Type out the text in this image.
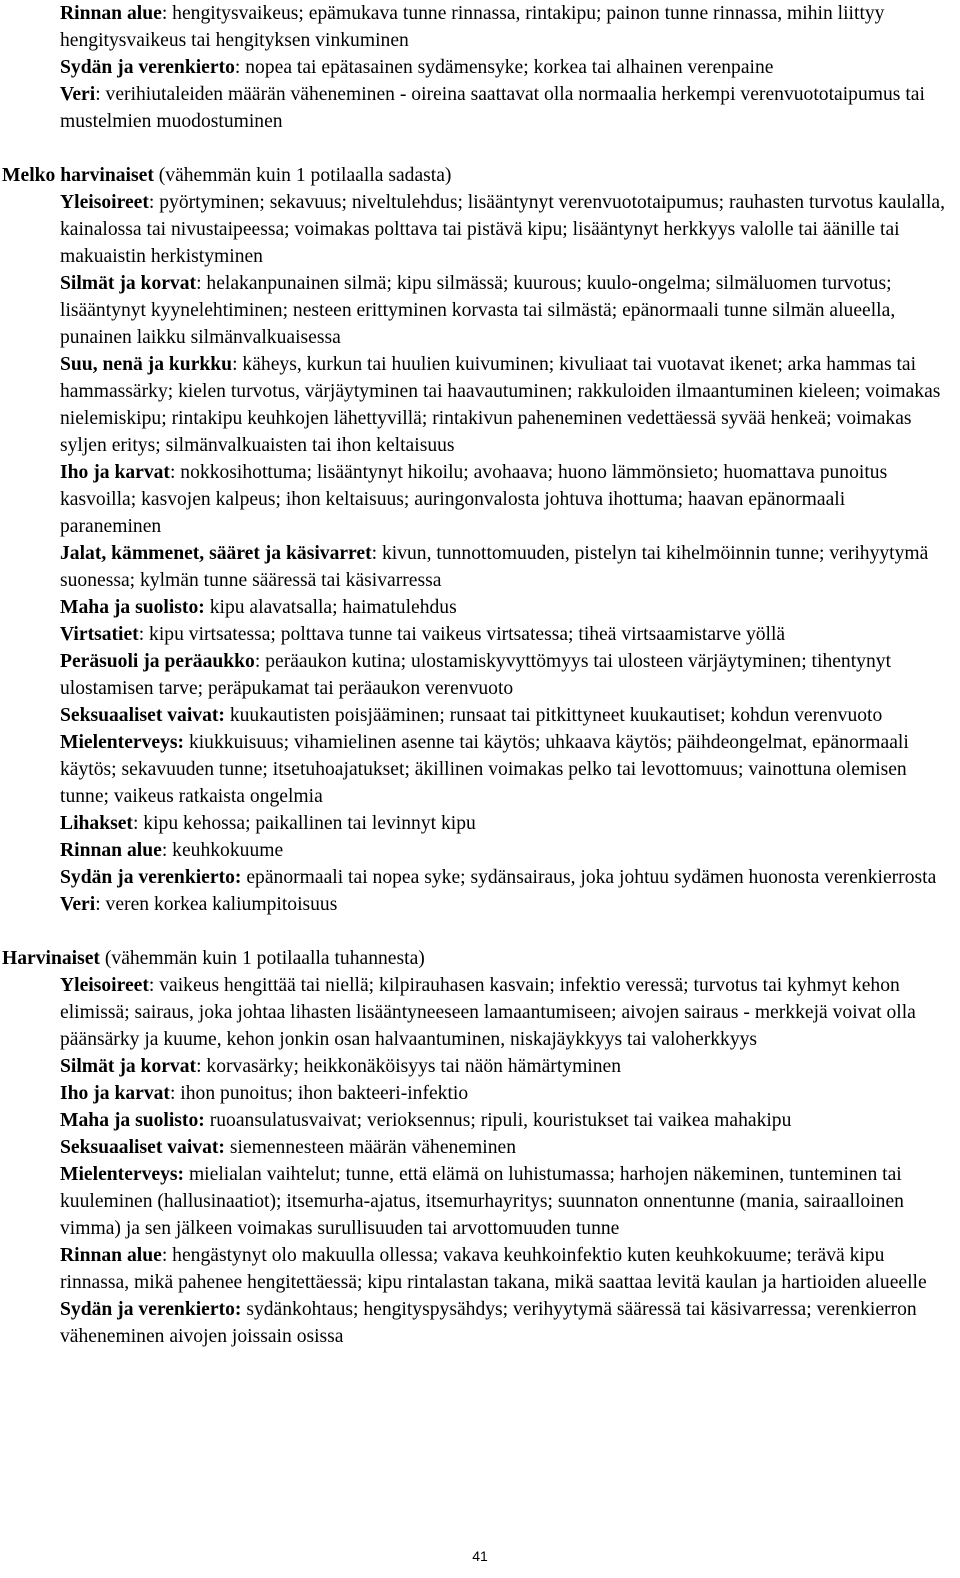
Rinnan alue: hengitysvaikeus; epämukava tunne rinnassa, rintakipu; painon tunne rinnassa, mihin liittyy hengitysvaikeus tai hengityksen vinkuminen
Sydän ja verenkierto: nopea tai epätasainen sydämensyke; korkea tai alhainen verenpaine
Veri: verihiutaleiden määrän väheneminen - oireina saattavat olla normaalia herkempi verenvuototaipumus tai mustelmien muodostuminen
Melko harvinaiset (vähemmän kuin 1 potilaalla sadasta)
Yleisoireet: pyörtyminen; sekavuus; niveltulehdus; lisääntynyt verenvuototaipumus; rauhasten turvotus kaulalla, kainalossa tai nivustaipeessa; voimakas polttava tai pistävä kipu; lisääntynyt herkkyys valolle tai äänille tai makuaistin herkistyminen
Silmät ja korvat: helakanpunainen silmä; kipu silmässä; kuurous; kuulo-ongelma; silmäluomen turvotus; lisääntynyt kyynelehtiminen; nesteen erittyminen korvasta tai silmästä; epänormaali tunne silmän alueella, punainen laikku silmänvalkuaisessa
Suu, nenä ja kurkku: käheys, kurkun tai huulien kuivuminen; kivuliaat tai vuotavat ikenet; arka hammas tai hammassärky; kielen turvotus, värjäytyminen tai haavautuminen; rakkuloiden ilmaantuminen kieleen; voimakas nielemiskipu; rintakipu keuhkojen lähettyvillä; rintakivun paheneminen vedettäessä syvää henkeä; voimakas syljen eritys; silmänvalkuaisten tai ihon keltaisuus
Iho ja karvat: nokkosihottuma; lisääntynyt hikoilu; avohaava; huono lämmönsieto; huomattava punoitus kasvoilla; kasvojen kalpeus; ihon keltaisuus; auringonvalosta johtuva ihottuma; haavan epänormaali paraneminen
Jalat, kämmenet, sääret ja käsivarret: kivun, tunnottomuuden, pistelyn tai kihelmöinnin tunne; verihyytymä suonessa; kylmän tunne sääressä tai käsivarressa
Maha ja suolisto: kipu alavatsalla; haimatulehdus
Virtsatiet: kipu virtsatessa; polttava tunne tai vaikeus virtsatessa; tiheä virtsaamistarve yöllä
Peräsuoli ja peräaukko: peräaukon kutina; ulostamiskyvyttömyys tai ulosteen värjäytyminen; tihentynyt ulostamisen tarve; peräpukamat tai peräaukon verenvuoto
Seksuaaliset vaivat: kuukautisten poisjääminen; runsaat tai pitkittyneet kuukautiset; kohdun verenvuoto
Mielenterveys: kiukkuisuus; vihamielinen asenne tai käytös; uhkaava käytös; päihdeongelmat, epänormaali käytös; sekavuuden tunne; itsetuhoajatukset; äkillinen voimakas pelko tai levottomuus; vainottuna olemisen tunne; vaikeus ratkaista ongelmia
Lihakset: kipu kehossa; paikallinen tai levinnyt kipu
Rinnan alue: keuhkokuume
Sydän ja verenkierto: epänormaali tai nopea syke; sydänsairaus, joka johtuu sydämen huonosta verenkierrosta
Veri: veren korkea kaliumpitoisuus
Harvinaiset (vähemmän kuin 1 potilaalla tuhannesta)
Yleisoireet: vaikeus hengittää tai niellä; kilpirauhasen kasvain; infektio veressä; turvotus tai kyhmyt kehon elimissä; sairaus, joka johtaa lihasten lisääntyneeseen lamaantumiseen; aivojen sairaus - merkkejä voivat olla päänsärky ja kuume, kehon jonkin osan halvaantuminen, niskajäykkyys tai valoherkkyys
Silmät ja korvat: korvasärky; heikkonäköisyys tai näön hämärtyminen
Iho ja karvat: ihon punoitus; ihon bakteeri-infektio
Maha ja suolisto: ruoansulatusvaivat; verioksennus; ripuli, kouristukset tai vaikea mahakipu
Seksuaaliset vaivat: siemennesteen määrän väheneminen
Mielenterveys: mielialan vaihtelut; tunne, että elämä on luhistumassa; harhojen näkeminen, tunteminen tai kuuleminen (hallusinaatiot); itsemurha-ajatus, itsemurhayritys; suunnaton onnentunne (mania, sairaalloinen vimma) ja sen jälkeen voimakas surullisuuden tai arvottomuuden tunne
Rinnan alue: hengästynyt olo makuulla ollessa; vakava keuhkoinfektio kuten keuhkokuume; terävä kipu rinnassa, mikä pahenee hengitettäessä; kipu rintalastan takana, mikä saattaa levitä kaulan ja hartioiden alueelle
Sydän ja verenkierto: sydänkohtaus; hengityspysähdys; verihyytymä sääressä tai käsivarressa; verenkierron väheneminen aivojen joissain osissa
41
